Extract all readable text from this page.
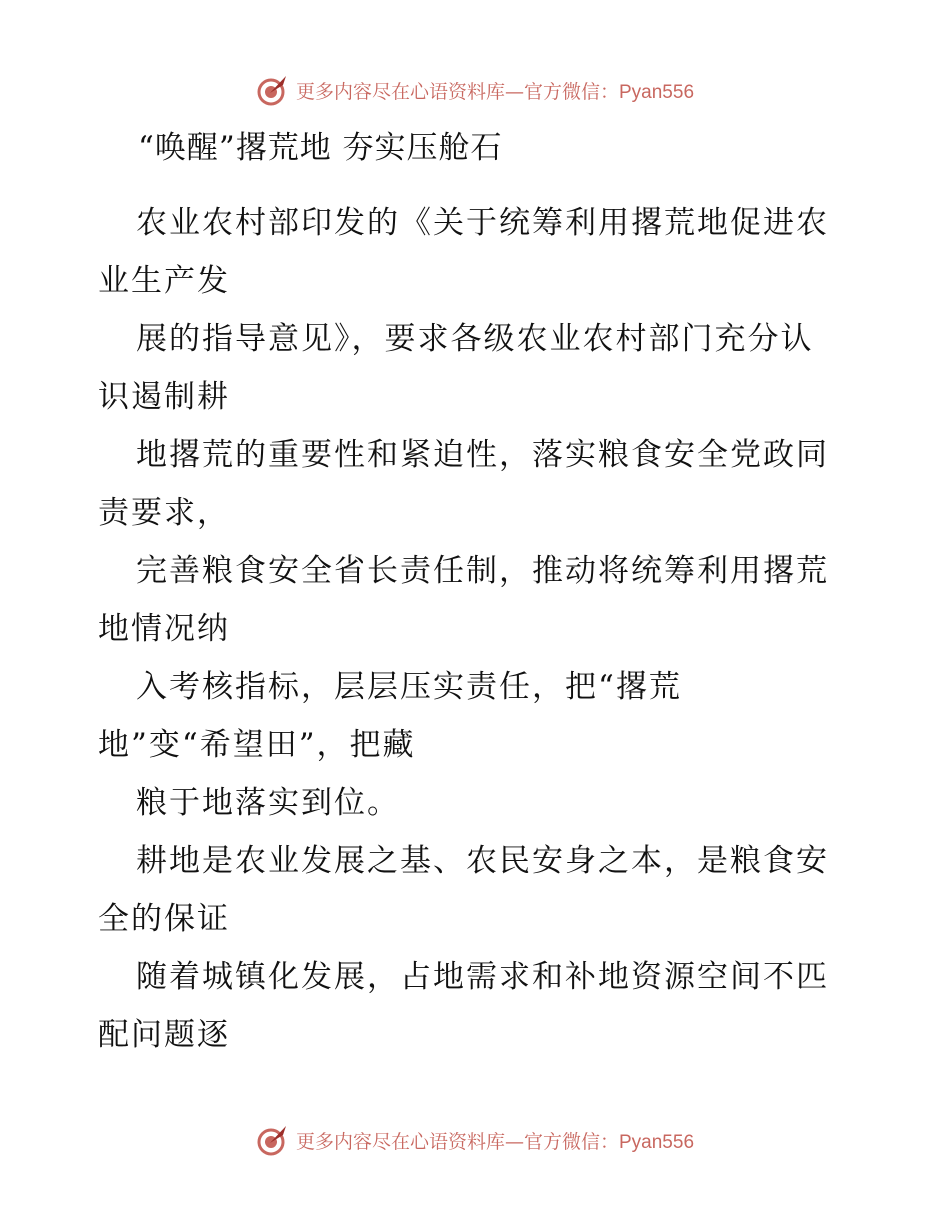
更多内容尽在心语资料库—官方微信：Pyan556
“唤醒”撂荒地 夯实压舱石
农业农村部印发的《关于统筹利用撂荒地促进农
业生产发
展的指导意见》，要求各级农业农村部门充分认
识遏制耕
地撂荒的重要性和紧迫性，落实粮食安全党政同
责要求，
完善粮食安全省长责任制，推动将统筹利用撂荒
地情况纳
入考核指标，层层压实责任，把“撂荒
地”变“希望田”，把藏
粮于地落实到位。
耕地是农业发展之基、农民安身之本，是粮食安
全的保证
随着城镇化发展，占地需求和补地资源空间不匹
配问题逐
更多内容尽在心语资料库—官方微信：Pyan556
